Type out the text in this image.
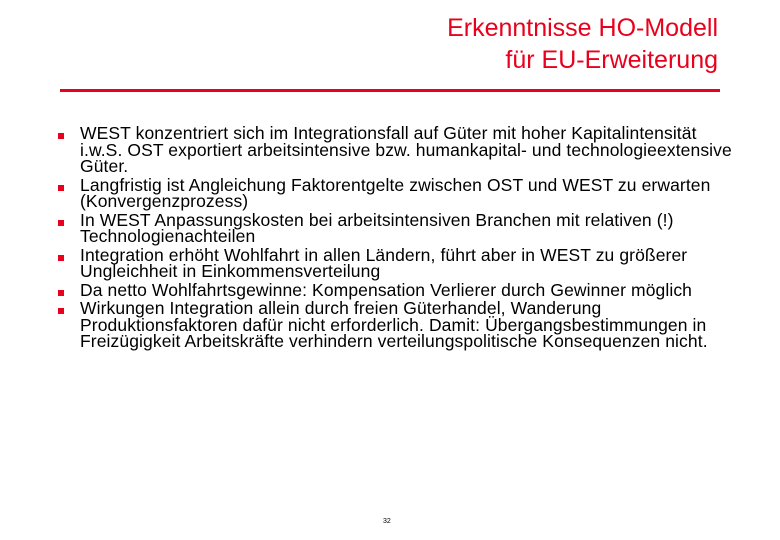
Erkenntnisse HO-Modell
für EU-Erweiterung
WEST konzentriert sich im Integrationsfall auf Güter mit hoher Kapitalintensität i.w.S. OST exportiert arbeitsintensive bzw. humankapital- und technologieextensive Güter.
Langfristig ist Angleichung Faktorentgelte zwischen OST und WEST zu erwarten (Konvergenzprozess)
In WEST Anpassungskosten bei arbeitsintensiven Branchen mit relativen (!) Technologienachteilen
Integration erhöht Wohlfahrt in allen Ländern, führt aber in WEST zu größerer Ungleichheit in Einkommensverteilung
Da netto Wohlfahrtsgewinne: Kompensation Verlierer durch Gewinner möglich
Wirkungen Integration allein durch freien Güterhandel, Wanderung Produktionsfaktoren dafür nicht erforderlich. Damit: Übergangsbestimmungen in Freizügigkeit Arbeitskräfte verhindern verteilungspolitische Konsequenzen nicht.
32
